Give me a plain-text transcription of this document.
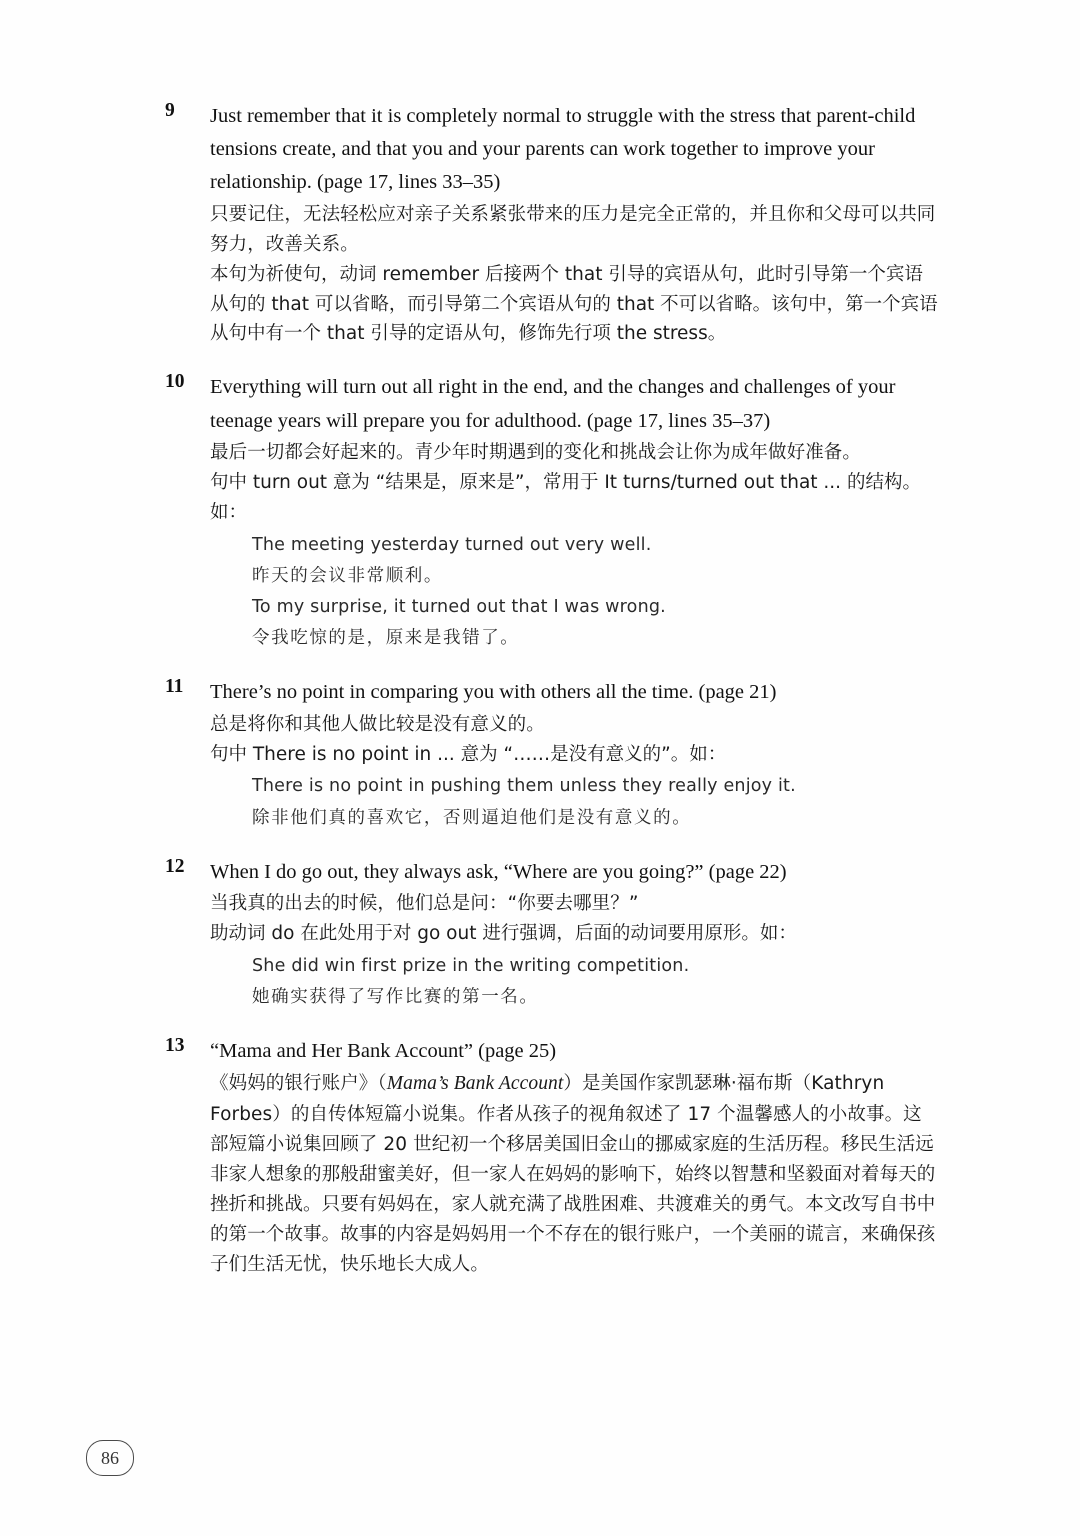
9	Just remember that it is completely normal to struggle with the stress that parent-child tensions create, and that you and your parents can work together to improve your relationship. (page 17, lines 33–35)
只要记住，无法轻松应对亲子关系紧张带来的压力是完全正常的，并且你和父母可以共同努力，改善关系。
本句为祈使句，动词 remember 后接两个 that 引导的宾语从句，此时引导第一个宾语从句的 that 可以省略，而引导第二个宾语从句的 that 不可以省略。该句中，第一个宾语从句中有一个 that 引导的定语从句，修饰先行项 the stress。
10	Everything will turn out all right in the end, and the changes and challenges of your teenage years will prepare you for adulthood. (page 17, lines 35–37)
最后一切都会好起来的。青少年时期遇到的变化和挑战会让你为成年做好准备。
句中 turn out 意为 “结果是，原来是”，常用于 It turns/turned out that ... 的结构。如：
The meeting yesterday turned out very well.
昨天的会议非常顺利。
To my surprise, it turned out that I was wrong.
令我吃惊的是，原来是我错了。
11	There’s no point in comparing you with others all the time. (page 21)
总是将你和其他人做比较是没有意义的。
句中 There is no point in ... 意为 “……是没有意义的”。如：
There is no point in pushing them unless they really enjoy it.
除非他们真的喜欢它，否则逼迫他们是没有意义的。
12	When I do go out, they always ask, “Where are you going?” (page 22)
当我真的出去的时候，他们总是问：“你要去哪里？”
助动词 do 在此处用于对 go out 进行强调，后面的动词要用原形。如：
She did win first prize in the writing competition.
她确实获得了写作比赛的第一名。
13	“Mama and Her Bank Account” (page 25)
《妈妈的银行账户》（Mama’s Bank Account）是美国作家凯瑟琳·福布斯（Kathryn Forbes）的自传体短篇小说集。作者从孩子的视角叙述了 17 个温馨感人的小故事。这部短篇小说集回顾了 20 世纪初一个移居美国旧金山的挪威家庭的生活历程。移民生活远非家人想象的那般甜蜜美好，但一家人在妈妈的影响下，始终以智慧和坚毅面对着每天的挫折和挑战。只要有妈妈在，家人就充满了战胜困难、共渡难关的勇气。本文改写自书中的第一个故事。故事的内容是妈妈用一个不存在的银行账户，一个美丽的谎言，来确保孩子们生活无忧，快乐地长大成人。
86
